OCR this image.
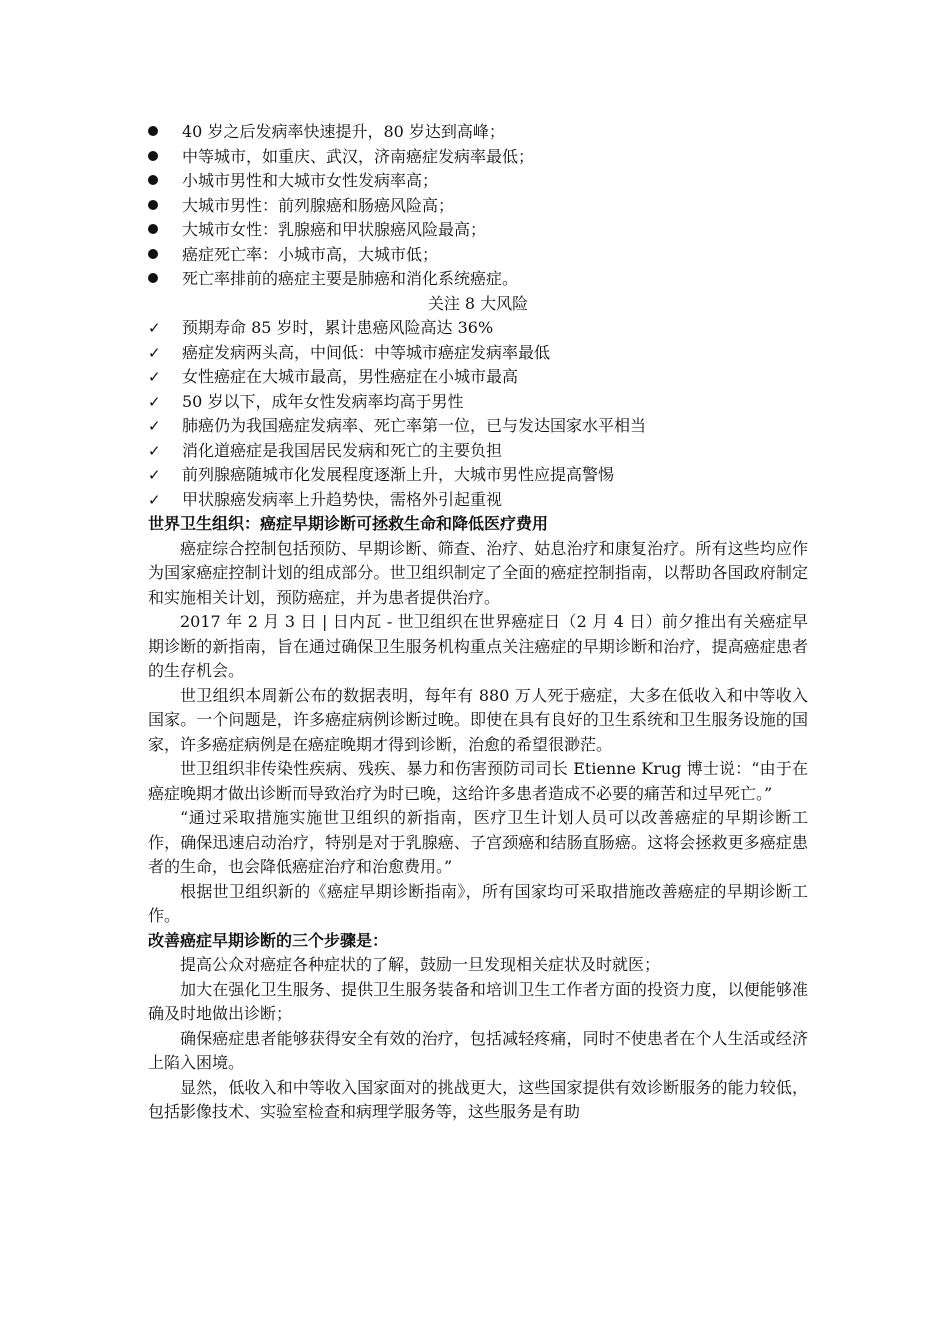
40 岁之后发病率快速提升，80 岁达到高峰；
中等城市，如重庆、武汉，济南癌症发病率最低；
小城市男性和大城市女性发病率高；
大城市男性：前列腺癌和肠癌风险高；
大城市女性：乳腺癌和甲状腺癌风险最高；
癌症死亡率：小城市高，大城市低；
死亡率排前的癌症主要是肺癌和消化系统癌症。
关注 8 大风险
✓	预期寿命 85 岁时，累计患癌风险高达 36%
✓	癌症发病两头高，中间低：中等城市癌症发病率最低
✓	女性癌症在大城市最高，男性癌症在小城市最高
✓	50 岁以下，成年女性发病率均高于男性
✓	肺癌仍为我国癌症发病率、死亡率第一位，已与发达国家水平相当
✓	消化道癌症是我国居民发病和死亡的主要负担
✓	前列腺癌随城市化发展程度逐渐上升，大城市男性应提高警惕
✓	甲状腺癌发病率上升趋势快，需格外引起重视
世界卫生组织：癌症早期诊断可拯救生命和降低医疗费用

癌症综合控制包括预防、早期诊断、筛查、治疗、姑息治疗和康复治疗。所有这些均应作为国家癌症控制计划的组成部分。世卫组织制定了全面的癌症控制指南，以帮助各国政府制定和实施相关计划，预防癌症，并为患者提供治疗。

2017 年 2 月 3 日 | 日内瓦 - 世卫组织在世界癌症日（2 月 4 日）前夕推出有关癌症早期诊断的新指南，旨在通过确保卫生服务机构重点关注癌症的早期诊断和治疗，提高癌症患者的生存机会。

世卫组织本周新公布的数据表明，每年有 880 万人死于癌症，大多在低收入和中等收入国家。一个问题是，许多癌症病例诊断过晚。即使在具有良好的卫生系统和卫生服务设施的国家，许多癌症病例是在癌症晚期才得到诊断，治愈的希望很渺茫。

世卫组织非传染性疾病、残疾、暴力和伤害预防司司长 Etienne Krug 博士说：“由于在癌症晚期才做出诊断而导致治疗为时已晚，这给许多患者造成不必要的痛苦和过早死亡。”

“通过采取措施实施世卫组织的新指南，医疗卫生计划人员可以改善癌症的早期诊断工作，确保迅速启动治疗，特别是对于乳腺癌、子宫颈癌和结肠直肠癌。这将会拯救更多癌症患者的生命，也会降低癌症治疗和治愈费用。”

根据世卫组织新的《癌症早期诊断指南》，所有国家均可采取措施改善癌症的早期诊断工作。

改善癌症早期诊断的三个步骤是：

提高公众对癌症各种症状的了解，鼓励一旦发现相关症状及时就医；

加大在强化卫生服务、提供卫生服务装备和培训卫生工作者方面的投资力度，以便能够准确及时地做出诊断；

确保癌症患者能够获得安全有效的治疗，包括减轻疼痛，同时不使患者在个人生活或经济上陷入困境。

显然，低收入和中等收入国家面对的挑战更大，这些国家提供有效诊断服务的能力较低，包括影像技术、实验室检查和病理学服务等，这些服务是有助
